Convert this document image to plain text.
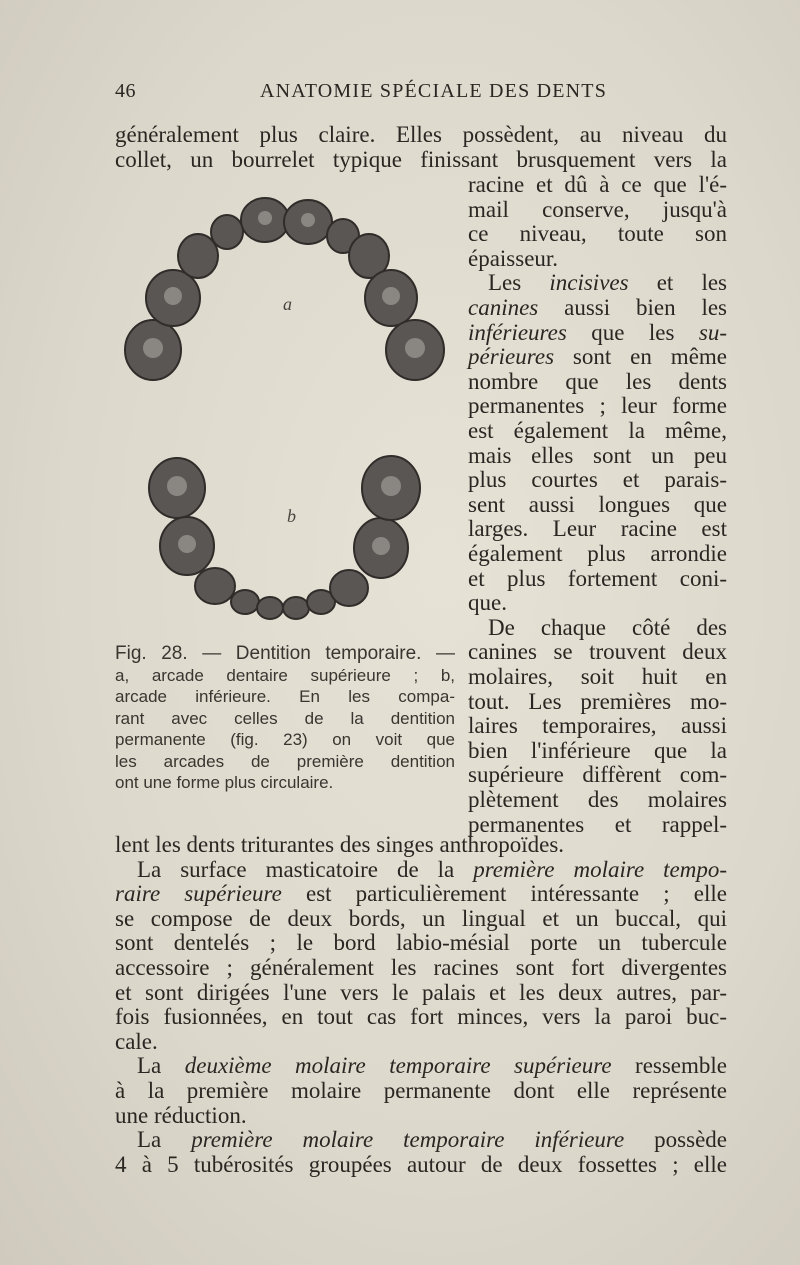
46	ANATOMIE SPÉCIALE DES DENTS
généralement plus claire. Elles possèdent, au niveau du
collet, un bourrelet typique finissant brusquement vers la
racine et dû à ce que l'é-
mail conserve, jusqu'à
ce niveau, toute son
épaisseur.
Les incisives et les
canines aussi bien les
inférieures que les su-
périeures sont en même
nombre que les dents
permanentes ; leur forme
est également la même,
mais elles sont un peu
plus courtes et parais-
sent aussi longues que
larges. Leur racine est
également plus arrondie
et plus fortement coni-
que.
De chaque côté des
canines se trouvent deux
molaires, soit huit en
tout. Les premières mo-
laires temporaires, aussi
bien l'inférieure que la
supérieure diffèrent com-
plètement des molaires
permanentes et rappel-
a
b
Fig. 28. — Dentition temporaire. —
a, arcade dentaire supérieure ; b,
arcade inférieure. En les compa-
rant avec celles de la dentition
permanente (fig. 23) on voit que
les arcades de première dentition
ont une forme plus circulaire.
lent les dents triturantes des singes anthropoïdes.
La surface masticatoire de la première molaire tempo-
raire supérieure est particulièrement intéressante ; elle
se compose de deux bords, un lingual et un buccal, qui
sont dentelés ; le bord labio-mésial porte un tubercule
accessoire ; généralement les racines sont fort divergentes
et sont dirigées l'une vers le palais et les deux autres, par-
fois fusionnées, en tout cas fort minces, vers la paroi buc-
cale.
La deuxième molaire temporaire supérieure ressemble
à la première molaire permanente dont elle représente
une réduction.
La première molaire temporaire inférieure possède
4 à 5 tubérosités groupées autour de deux fossettes ; elle
